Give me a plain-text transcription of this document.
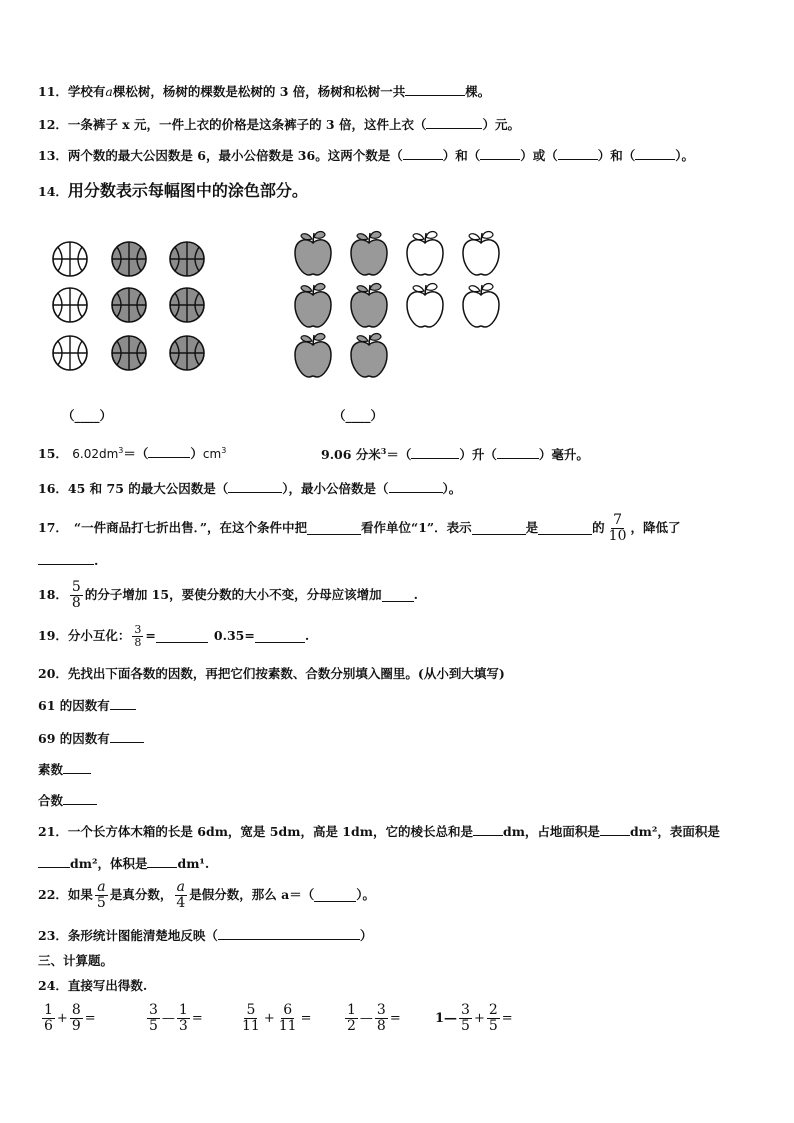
11．学校有a棵松树，杨树的棵数是松树的 3 倍，杨树和松树一共	棵。
12．一条裤子 x 元，一件上衣的价格是这条裤子的 3 倍，这件上衣（	）元。
13．两个数的最大公因数是 6，最小公倍数是 36。这两个数是（	）和（	）或（	）和（	）。
14．用分数表示每幅图中的涂色部分。
（____）	（____）
15． $6.02dm^3=$（	）$cm^3$	9.06 分米$^3$＝（	）升（	）毫升。
16．45 和 75 的最大公因数是（	），最小公倍数是（	）。
17． “一件商品打七折出售．”，在这个条件中把	看作单位“1”．表示	是	的 $\frac{7}{10}$ ，降低了
.
18． $\frac{5}{8}$ 的分子增加 15，要使分数的大小不变，分母应该增加	.
19． 分小互化： $\frac{3}{8}$ =	0.35=	.
20．先找出下面各数的因数，再把它们按素数、合数分别填入圈里。(从小到大填写)
61 的因数有
69 的因数有
素数
合数
21．一个长方体木箱的长是 6dm，宽是 5dm，高是 1dm，它的棱长总和是 dm，占地面积是 dm²，表面积是
dm²，体积是 dm¹.
22． 如果 $\frac{a}{5}$ 是真分数， $\frac{a}{4}$ 是假分数，那么 a＝（	）。
23．条形统计图能清楚地反映（	）
三、计算题。
24．直接写出得数.
$\frac{1}{6} + \frac{8}{9}$ =	$\frac{3}{5}$ — $\frac{1}{3}$ =	$\frac{5}{11} + \frac{6}{11} = \frac{1}{2}$ — $\frac{3}{8}$ =	1— $\frac{3}{5} + \frac{2}{5}$ =
